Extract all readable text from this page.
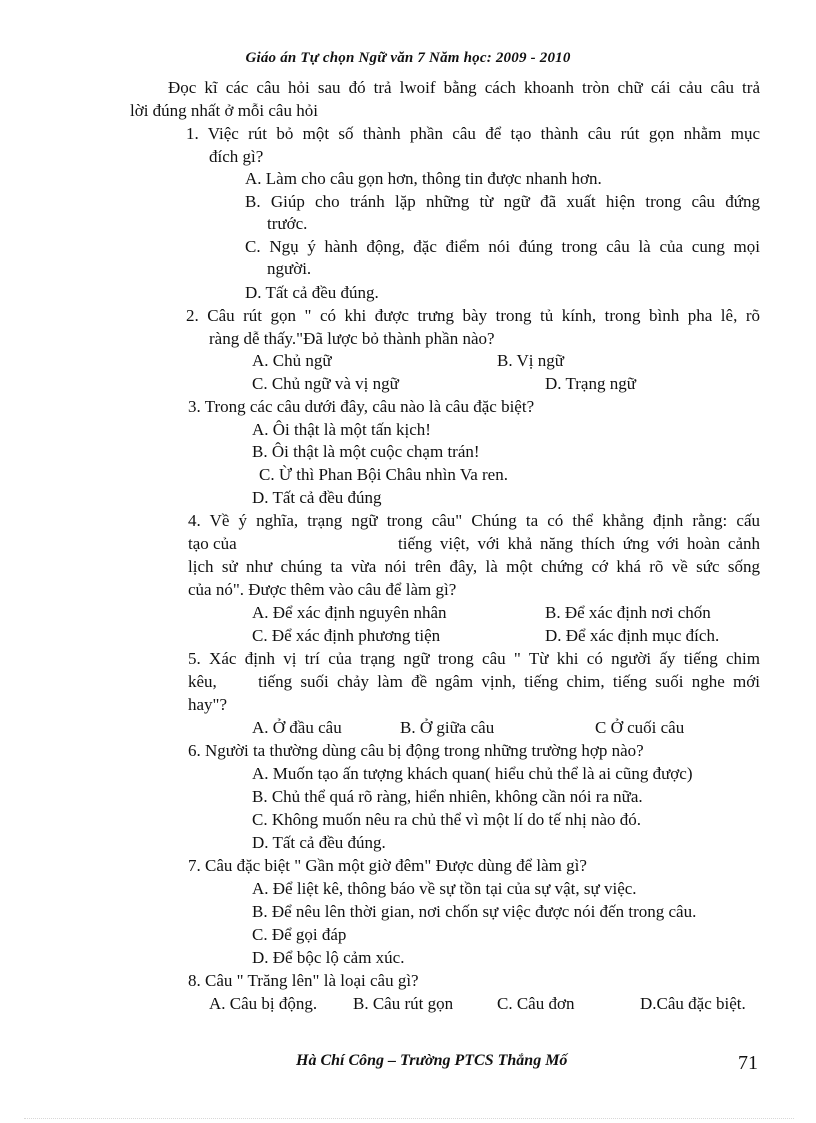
Giáo án Tự chọn Ngữ văn 7 Năm học: 2009 - 2010
Đọc kĩ các câu hỏi sau đó trả lwoif bằng cách khoanh tròn chữ cái cảu câu trả
lời đúng nhất ở mỗi câu hỏi
1. Việc rút bỏ một số thành phần câu để tạo thành câu rút gọn nhằm mục
đích gì?
A. Làm cho câu gọn hơn, thông tin được nhanh hơn.
B. Giúp cho tránh lặp những từ ngữ đã xuất hiện trong câu đứng
trước.
C. Ngụ ý hành động, đặc điểm nói đúng trong câu là của cung mọi
người.
D. Tất cả đều đúng.
2. Câu rút gọn " có khi được trưng bày trong tủ kính, trong bình pha lê, rõ
ràng dễ thấy."Đã lược bỏ thành phần nào?
A. Chủ ngữ	B. Vị ngữ
C. Chủ ngữ và vị ngữ	D. Trạng ngữ
3. Trong các câu dưới đây, câu nào là câu đặc biệt?
A. Ôi thật là một tấn kịch!
B. Ôi thật là một cuộc chạm trán!
C. Ừ thì Phan Bội Châu nhìn Va ren.
D. Tất cả đều đúng
4. Về ý nghĩa, trạng ngữ trong câu" Chúng ta có thể khẳng định rằng: cấu
tạo của	tiếng việt, với khả năng thích ứng với hoàn cảnh
lịch sử như chúng ta vừa nói trên đây, là một chứng cớ khá rõ về sức sống
của nó". Được thêm vào câu để làm gì?
A. Để xác định nguyên nhân	B. Để xác định nơi chốn
C. Để xác định phương tiện	D. Để xác định mục đích.
5. Xác định vị trí của trạng ngữ trong câu " Từ khi có người ấy tiếng chim
kêu,     tiếng suối chảy làm đề ngâm vịnh, tiếng chim, tiếng suối nghe mới
hay"?
A. Ở đầu câu	B. Ở giữa câu	C Ở cuối câu
6. Người ta thường dùng câu bị động trong những trường hợp nào?
A. Muốn tạo ấn tượng khách quan( hiểu chủ thể là ai cũng được)
B. Chủ thể quá rõ ràng, hiển nhiên, không cần nói ra nữa.
C. Không muốn nêu ra chủ thể vì một lí do tế nhị nào đó.
D. Tất cả đều đúng.
7. Câu đặc biệt " Gần một giờ đêm" Được dùng để làm gì?
A. Để liệt kê, thông báo về sự tồn tại của sự vật, sự việc.
B. Để nêu lên thời gian, nơi chốn sự việc được nói đến trong câu.
C. Để gọi đáp
D. Để bộc lộ cảm xúc.
8. Câu " Trăng lên" là loại câu gì?
A. Câu bị động. B. Câu rút gọn	C. Câu đơn	D.Câu đặc biệt.
Hà Chí Công – Trường PTCS Thắng Mố	71
